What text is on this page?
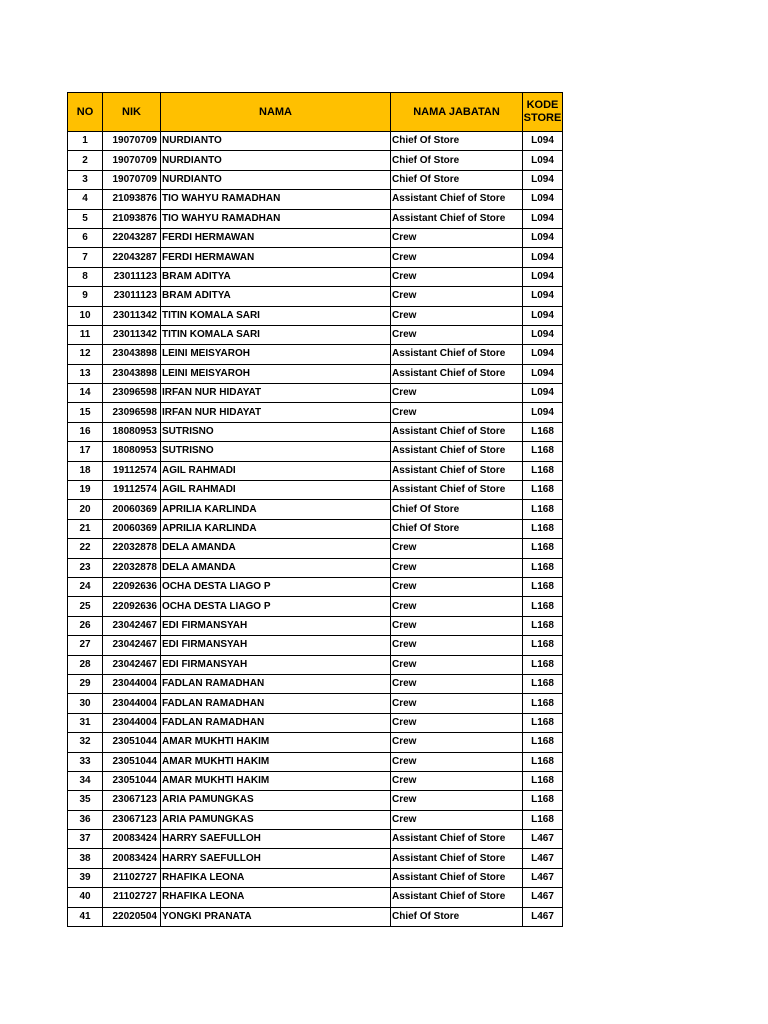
NO	NIK	NAMA	NAMA JABATAN	KODE STORE
1	19070709	NURDIANTO	Chief Of Store	L094
2	19070709	NURDIANTO	Chief Of Store	L094
3	19070709	NURDIANTO	Chief Of Store	L094
4	21093876	TIO WAHYU RAMADHAN	Assistant Chief of Store	L094
5	21093876	TIO WAHYU RAMADHAN	Assistant Chief of Store	L094
6	22043287	FERDI HERMAWAN	Crew	L094
7	22043287	FERDI HERMAWAN	Crew	L094
8	23011123	BRAM ADITYA	Crew	L094
9	23011123	BRAM ADITYA	Crew	L094
10	23011342	TITIN KOMALA SARI	Crew	L094
11	23011342	TITIN KOMALA SARI	Crew	L094
12	23043898	LEINI MEISYAROH	Assistant Chief of Store	L094
13	23043898	LEINI MEISYAROH	Assistant Chief of Store	L094
14	23096598	IRFAN NUR HIDAYAT	Crew	L094
15	23096598	IRFAN NUR HIDAYAT	Crew	L094
16	18080953	SUTRISNO	Assistant Chief of Store	L168
17	18080953	SUTRISNO	Assistant Chief of Store	L168
18	19112574	AGIL RAHMADI	Assistant Chief of Store	L168
19	19112574	AGIL RAHMADI	Assistant Chief of Store	L168
20	20060369	APRILIA KARLINDA	Chief Of Store	L168
21	20060369	APRILIA KARLINDA	Chief Of Store	L168
22	22032878	DELA AMANDA	Crew	L168
23	22032878	DELA AMANDA	Crew	L168
24	22092636	OCHA DESTA LIAGO P	Crew	L168
25	22092636	OCHA DESTA LIAGO P	Crew	L168
26	23042467	EDI FIRMANSYAH	Crew	L168
27	23042467	EDI FIRMANSYAH	Crew	L168
28	23042467	EDI FIRMANSYAH	Crew	L168
29	23044004	FADLAN RAMADHAN	Crew	L168
30	23044004	FADLAN RAMADHAN	Crew	L168
31	23044004	FADLAN RAMADHAN	Crew	L168
32	23051044	AMAR MUKHTI HAKIM	Crew	L168
33	23051044	AMAR MUKHTI HAKIM	Crew	L168
34	23051044	AMAR MUKHTI HAKIM	Crew	L168
35	23067123	ARIA PAMUNGKAS	Crew	L168
36	23067123	ARIA PAMUNGKAS	Crew	L168
37	20083424	HARRY SAEFULLOH	Assistant Chief of Store	L467
38	20083424	HARRY SAEFULLOH	Assistant Chief of Store	L467
39	21102727	RHAFIKA LEONA	Assistant Chief of Store	L467
40	21102727	RHAFIKA LEONA	Assistant Chief of Store	L467
41	22020504	YONGKI PRANATA	Chief Of Store	L467
